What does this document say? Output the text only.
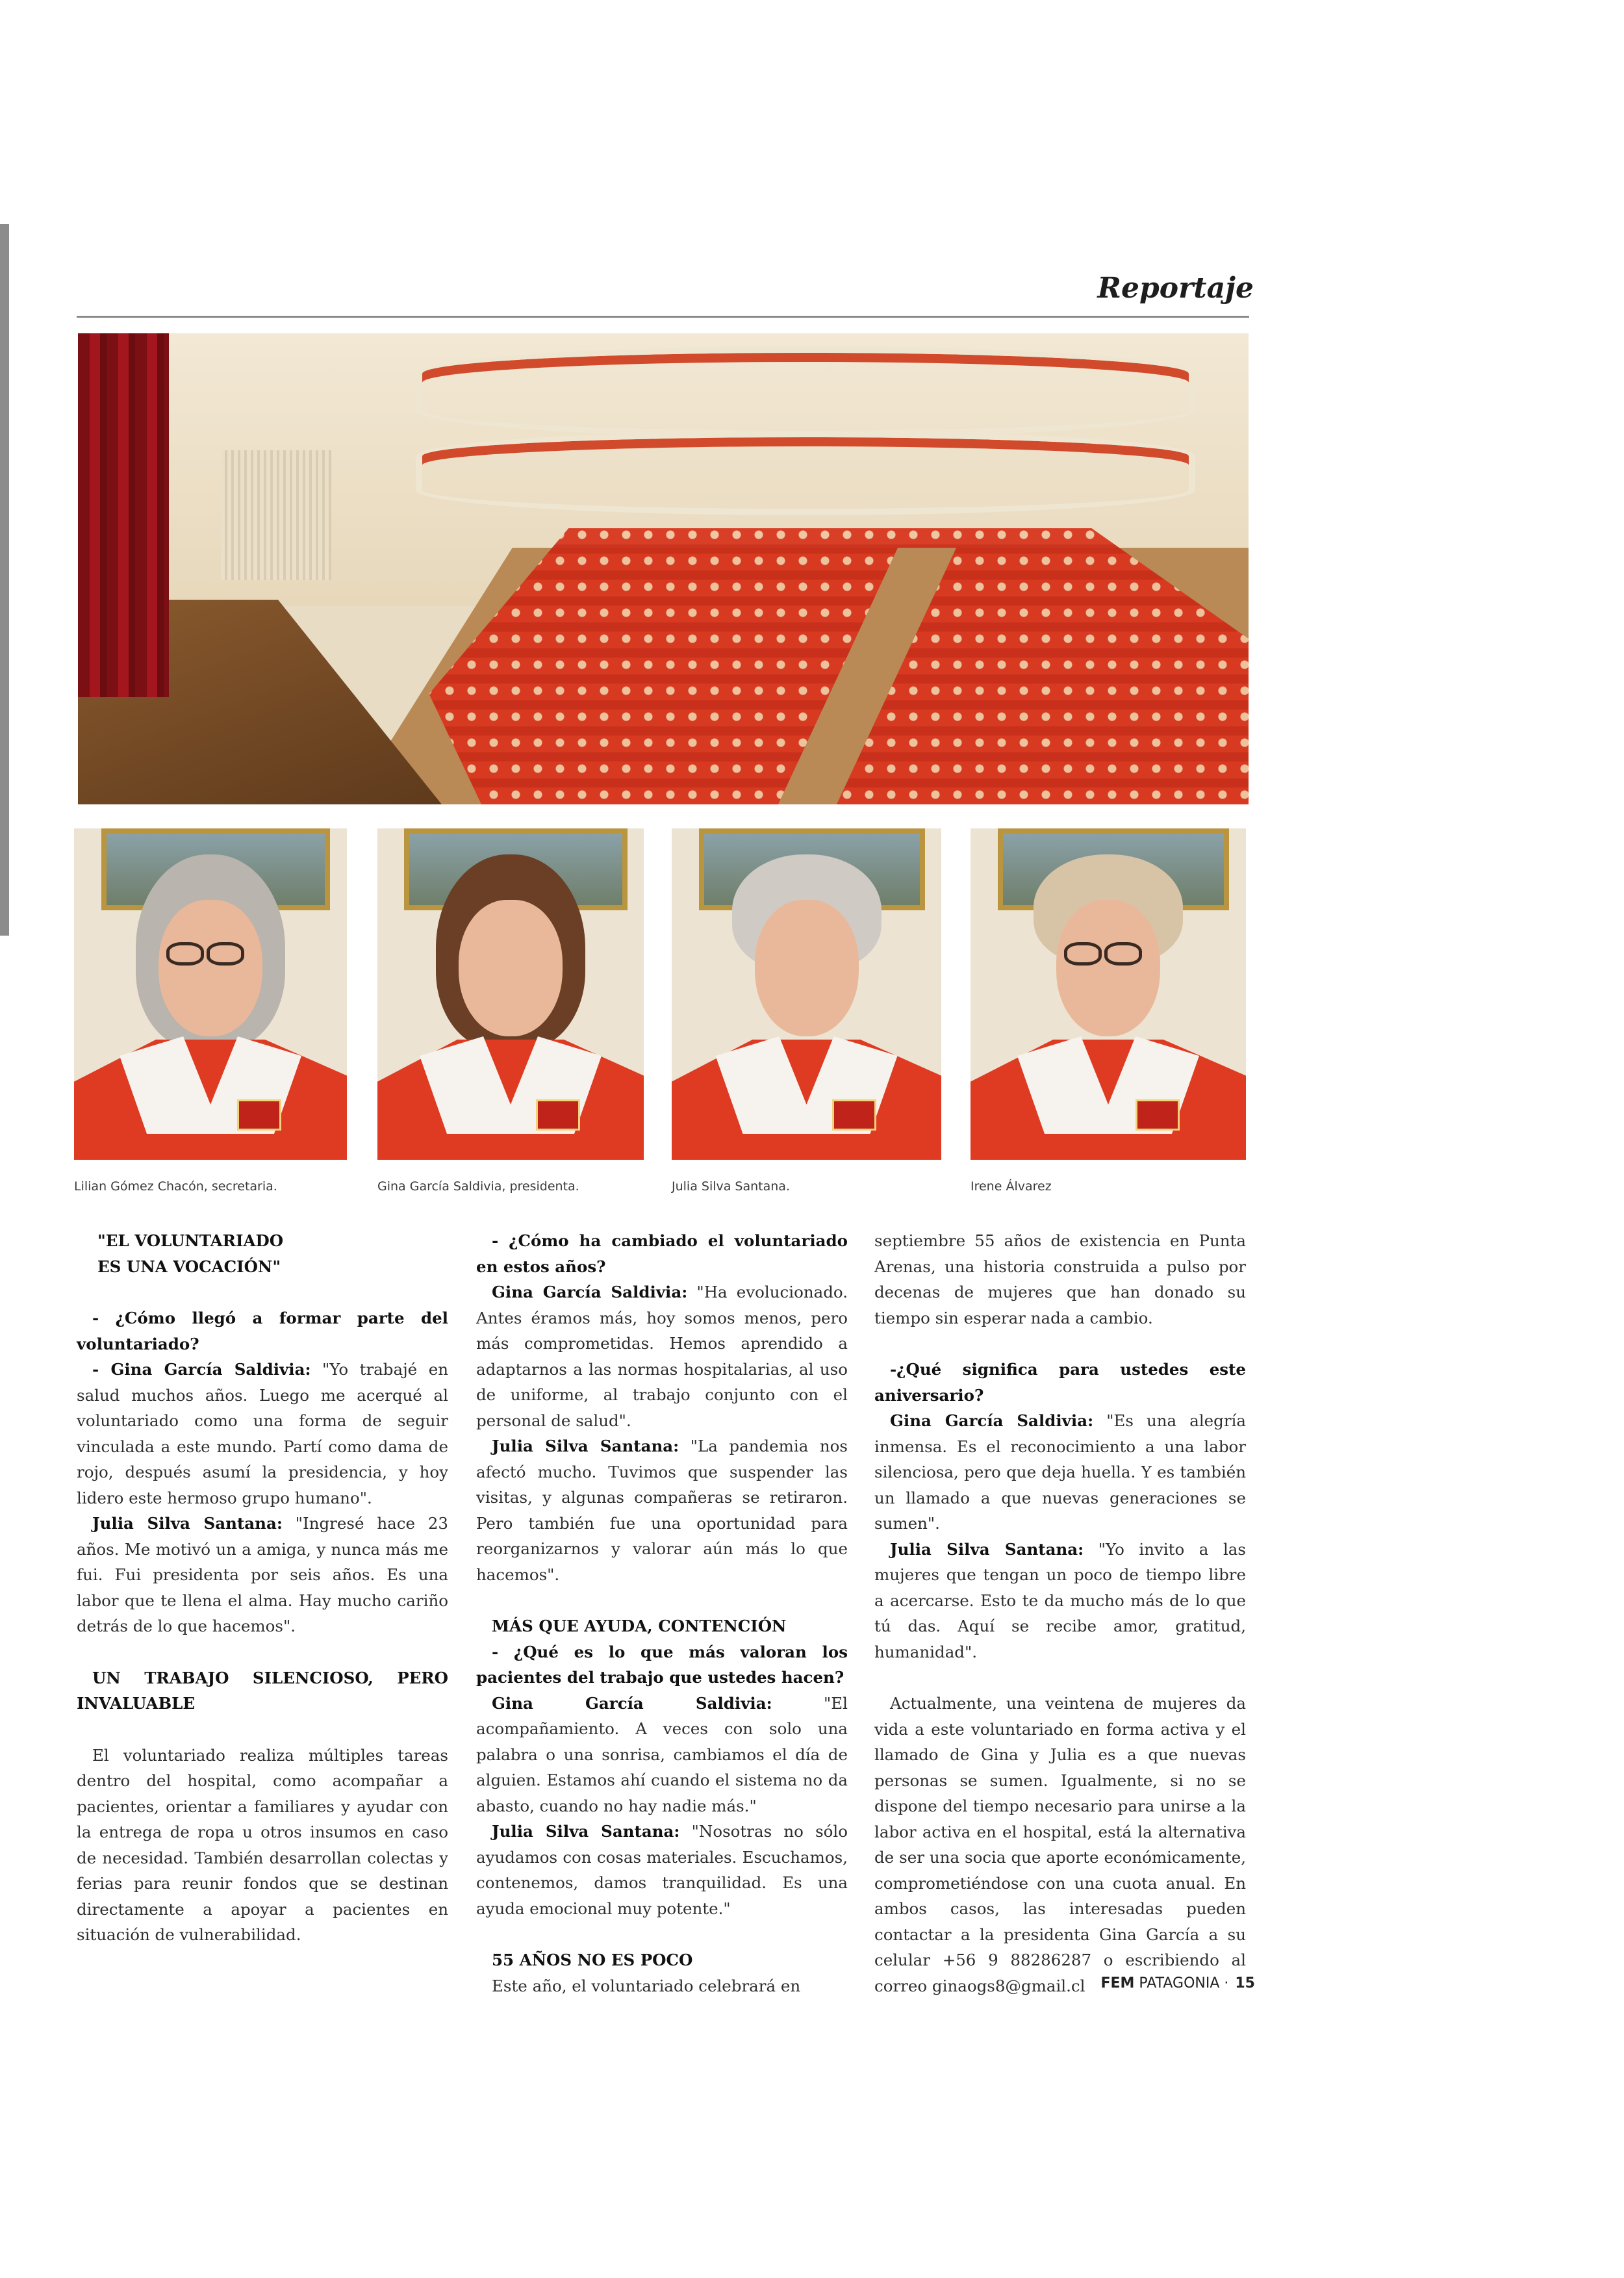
Reportaje
Lilian Gómez Chacón, secretaria.	Gina García Saldivia, presidenta.	Julia Silva Santana.	Irene Álvarez

"EL VOLUNTARIADO

ES UNA VOCACIÓN"

- ¿Cómo llegó a formar parte del voluntariado?

- Gina García Saldivia: "Yo trabajé en salud muchos años. Luego me acerqué al voluntariado como una forma de seguir vinculada a este mundo. Partí como dama de rojo, después asumí la presidencia, y hoy lidero este hermoso grupo humano".

Julia Silva Santana: "Ingresé hace 23 años. Me motivó un a amiga, y nunca más me fui. Fui presidenta por seis años. Es una labor que te llena el alma. Hay mucho cariño detrás de lo que hacemos".

UN TRABAJO SILENCIOSO, PERO INVALUABLE

El voluntariado realiza múltiples tareas dentro del hospital, como acompañar a pacientes, orientar a familiares y ayudar con la entrega de ropa u otros insumos en caso de necesidad. También desarrollan colectas y ferias para reunir fondos que se destinan directamente a apoyar a pacientes en situación de vulnerabilidad.

- ¿Cómo ha cambiado el voluntariado en estos años?

Gina García Saldivia: "Ha evolucionado. Antes éramos más, hoy somos menos, pero más comprometidas. Hemos aprendido a adaptarnos a las normas hospitalarias, al uso de uniforme, al trabajo conjunto con el personal de salud".

Julia Silva Santana: "La pandemia nos afectó mucho. Tuvimos que suspender las visitas, y algunas compañeras se retiraron. Pero también fue una oportunidad para reorganizarnos y valorar aún más lo que hacemos".

MÁS QUE AYUDA, CONTENCIÓN

- ¿Qué es lo que más valoran los pacientes del trabajo que ustedes hacen?

Gina García Saldivia: "El acompañamiento. A veces con solo una palabra o una sonrisa, cambiamos el día de alguien. Estamos ahí cuando el sistema no da abasto, cuando no hay nadie más."

Julia Silva Santana: "Nosotras no sólo ayudamos con cosas materiales. Escuchamos, contenemos, damos tranquilidad. Es una ayuda emocional muy potente."

55 AÑOS NO ES POCO

Este año, el voluntariado celebrará en

septiembre 55 años de existencia en Punta Arenas, una historia construida a pulso por decenas de mujeres que han donado su tiempo sin esperar nada a cambio.

-¿Qué significa para ustedes este aniversario?

Gina García Saldivia: "Es una alegría inmensa. Es el reconocimiento a una labor silenciosa, pero que deja huella. Y es también un llamado a que nuevas generaciones se sumen".

Julia Silva Santana: "Yo invito a las mujeres que tengan un poco de tiempo libre a acercarse. Esto te da mucho más de lo que tú das. Aquí se recibe amor, gratitud, humanidad".

Actualmente, una veintena de mujeres da vida a este voluntariado en forma activa y el llamado de Gina y Julia es a que nuevas personas se sumen. Igualmente, si no se dispone del tiempo necesario para unirse a la labor activa en el hospital, está la alternativa de ser una socia que aporte económicamente, comprometiéndose con una cuota anual. En ambos casos, las interesadas pueden contactar a la presidenta Gina García a su celular +56 9 88286287 o escribiendo al correo ginaogs8@gmail.cl	FEM PATAGONIA · 15
